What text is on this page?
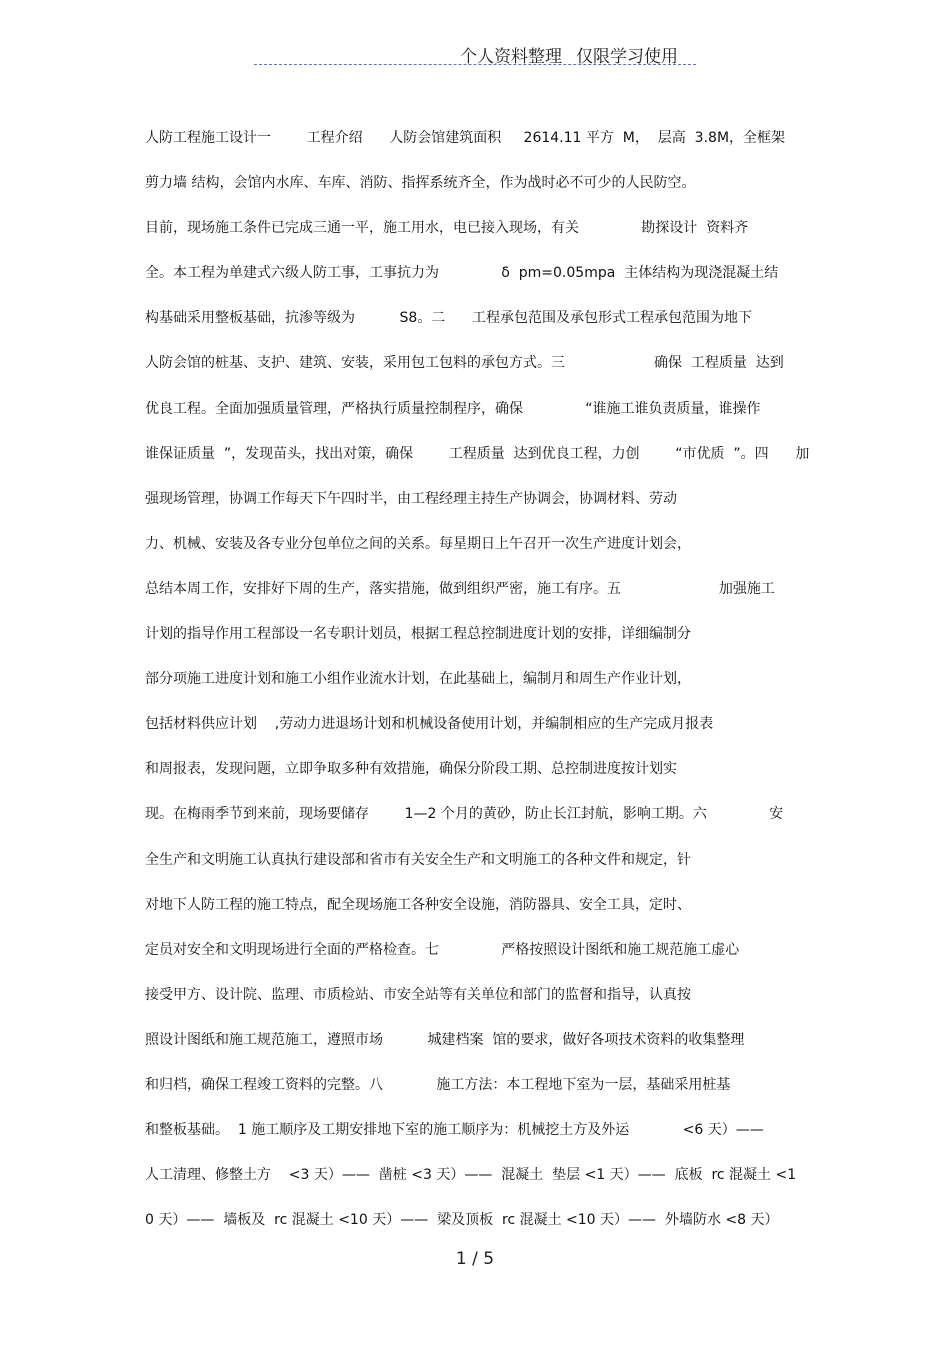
个人资料整理 仅限学习使用
人防工程施工设计一        工程介绍      人防会馆建筑面积     2614.11 平方  M，  层高  3.8M，全框架
剪力墙 结构，会馆内水库、车库、消防、指挥系统齐全，作为战时必不可少的人民防空。
目前，现场施工条件已完成三通一平，施工用水，电已接入现场，有关              勘探设计  资料齐
全。本工程为单建式六级人防工事，工事抗力为              δ  pm=0.05mpa  主体结构为现浇混凝土结
构基础采用整板基础，抗渗等级为          S8。二      工程承包范围及承包形式工程承包范围为地下
人防会馆的桩基、支护、建筑、安装，采用包工包料的承包方式。三                    确保  工程质量  达到
优良工程。全面加强质量管理，严格执行质量控制程序，确保              “谁施工谁负责质量，谁操作
谁保证质量  ”，发现苗头，找出对策，确保        工程质量  达到优良工程，力创        “市优质  ”。四      加
强现场管理，协调工作每天下午四时半，由工程经理主持生产协调会，协调材料、劳动
力、机械、安装及各专业分包单位之间的关系。每星期日上午召开一次生产进度计划会，
总结本周工作，安排好下周的生产，落实措施，做到组织严密，施工有序。五                      加强施工
计划的指导作用工程部设一名专职计划员，根据工程总控制进度计划的安排，详细编制分
部分项施工进度计划和施工小组作业流水计划，在此基础上，编制月和周生产作业计划，
包括材料供应计划    ,劳动力进退场计划和机械设备使用计划，并编制相应的生产完成月报表
和周报表，发现问题，立即争取多种有效措施，确保分阶段工期、总控制进度按计划实
现。在梅雨季节到来前，现场要储存        1—2 个月的黄砂，防止长江封航，影响工期。六              安
全生产和文明施工认真执行建设部和省市有关安全生产和文明施工的各种文件和规定，针
对地下人防工程的施工特点，配全现场施工各种安全设施，消防器具、安全工具，定时、
定员对安全和文明现场进行全面的严格检查。七              严格按照设计图纸和施工规范施工虚心
接受甲方、设计院、监理、市质检站、市安全站等有关单位和部门的监督和指导，认真按
照设计图纸和施工规范施工，遵照市场          城建档案  馆的要求，做好各项技术资料的收集整理
和归档，确保工程竣工资料的完整。八            施工方法：本工程地下室为一层，基础采用桩基
和整板基础。  1 施工顺序及工期安排地下室的施工顺序为：机械挖土方及外运            <6 天）——
人工清理、修整土方    <3 天）——  凿桩 <3 天）——  混凝土  垫层 <1 天）——  底板  rc 混凝土 <1
0 天）——  墙板及  rc 混凝土 <10 天）——  梁及顶板  rc 混凝土 <10 天）——  外墙防水 <8 天）
1 / 5
